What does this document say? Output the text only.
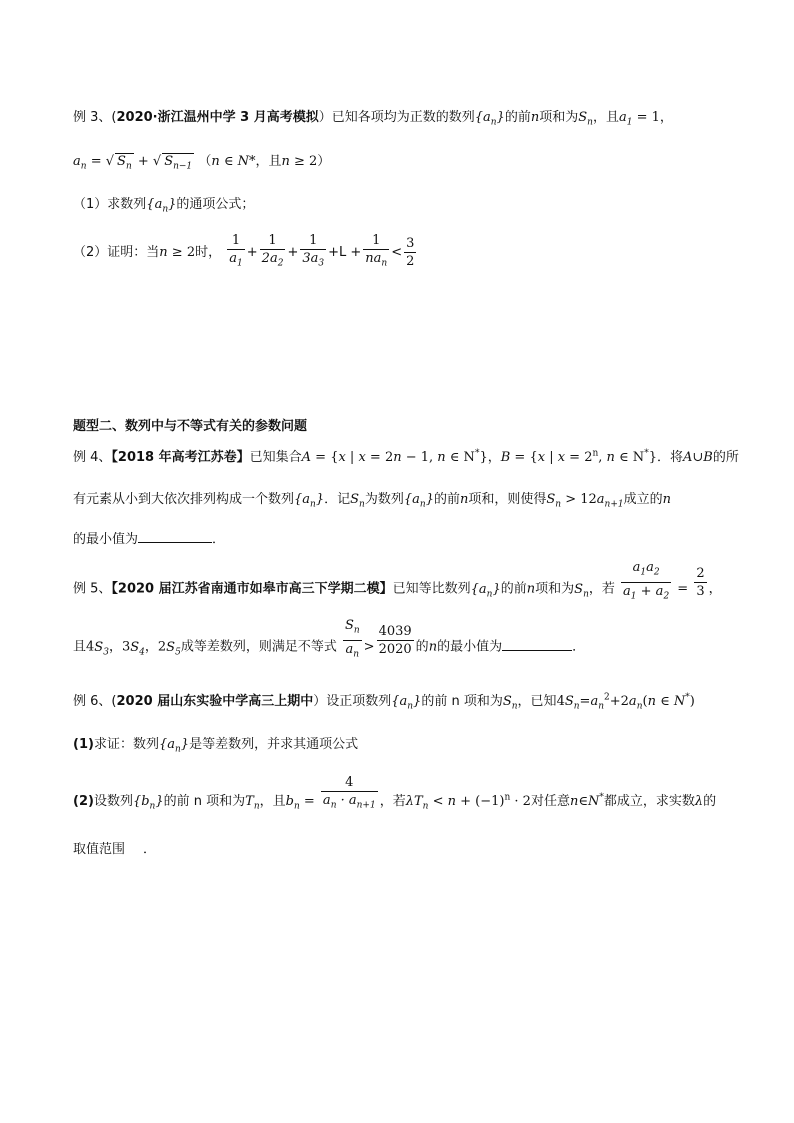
例 3、(2020·浙江温州中学 3 月高考模拟）已知各项均为正数的数列$\{a_n\}$的前n项和为$S_n$，且$a_1 = 1$，
$a_n$ = √ $S_n$ + √ $S_{n-1}$ （n ∈ N*，且n ≥ 2）
（1）求数列$\{a_n\}$的通项公式；
（2）证明：当n ≥ 2时， $\frac{1}{a_1} + \frac{1}{2a_2} + \frac{1}{3a_3} +L + \frac{1}{na_n} < \frac{3}{2}$
题型二、数列中与不等式有关的参数问题
例 4、【2018 年高考江苏卷】已知集合A = {x | x = 2n − 1, n ∈ N*}，B = {x | $x = 2^n$, n ∈ N*}．将A∪B的所
有元素从小到大依次排列构成一个数列$\{a_n\}$．记$S_n$为数列$\{a_n\}$的前n项和，则使得$S_n > 12a_{n+1}$成立的n
的最小值为	．
例 5、【2020 届江苏省南通市如皋市高三下学期二模】已知等比数列$\{a_n\}$的前n项和为$S_n$，若 $\frac{a_1a_2}{a_1 + a_2} = \frac{2}{3}$ ，
且$4S_3$，$3S_4$，$2S_5$成等差数列，则满足不等式 $\frac{S_n}{a_n} > \frac{4039}{2020}$ 的n的最小值为	．
例 6、(2020 届山东实验中学高三上期中）设正项数列$\{a_n\}$的前 n 项和为$S_n$，已知$4S_n=a_n^2+2a_n(n$ ∈ N*)
(1)求证：数列$\{a_n\}$是等差数列，并求其通项公式
(2)设数列$\{b_n\}$的前 n 项和为$T_n$，且$b_n = \frac{4}{a_n \cdot a_{n+1}}$ ，若$\lambda T_n < n + (-1)^n \cdot 2$对任意n∈N*都成立，求实数λ的
取值范围 ．
